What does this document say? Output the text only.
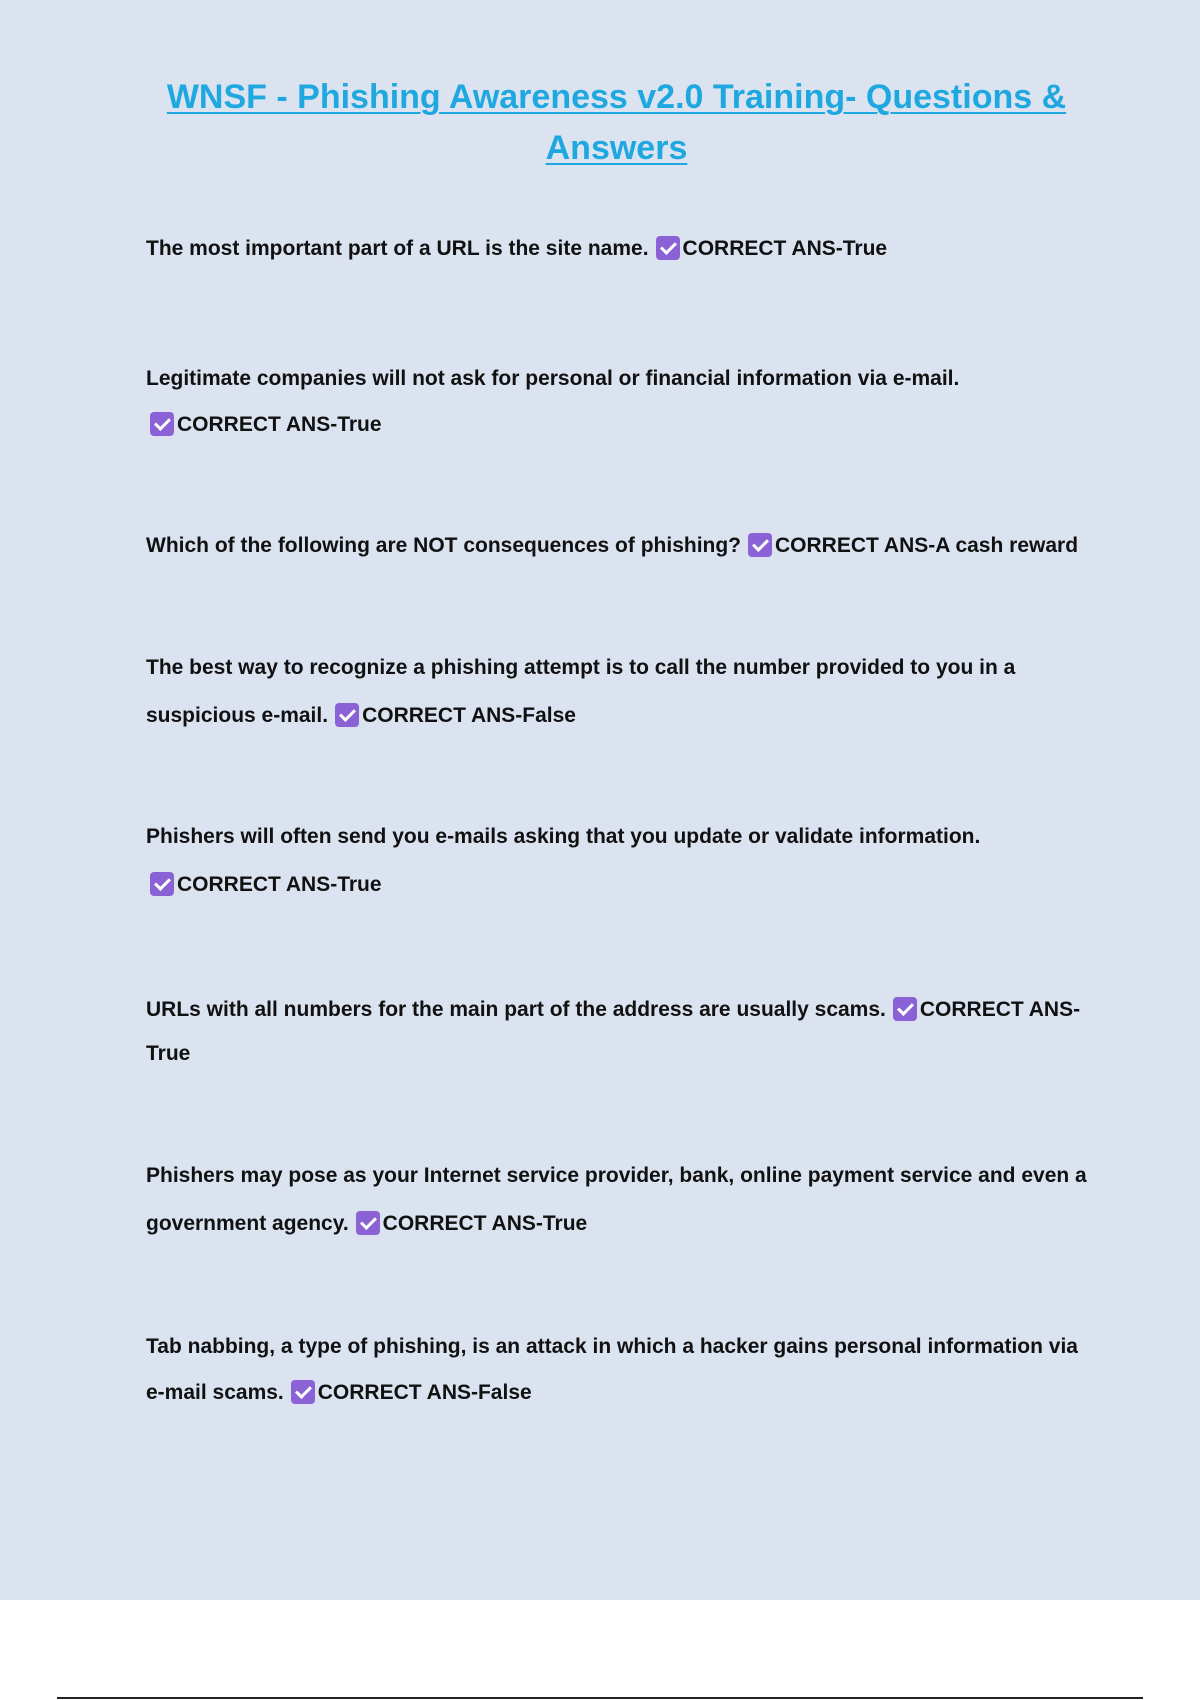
WNSF - Phishing Awareness v2.0 Training- Questions &
Answers
The most important part of a URL is the site name. CORRECT ANS-True
Legitimate companies will not ask for personal or financial information via e-mail.
CORRECT ANS-True
Which of the following are NOT consequences of phishing? CORRECT ANS-A cash reward
The best way to recognize a phishing attempt is to call the number provided to you in a
suspicious e-mail. CORRECT ANS-False
Phishers will often send you e-mails asking that you update or validate information.
CORRECT ANS-True
URLs with all numbers for the main part of the address are usually scams. CORRECT ANS-
True
Phishers may pose as your Internet service provider, bank, online payment service and even a
government agency. CORRECT ANS-True
Tab nabbing, a type of phishing, is an attack in which a hacker gains personal information via
e-mail scams. CORRECT ANS-False
